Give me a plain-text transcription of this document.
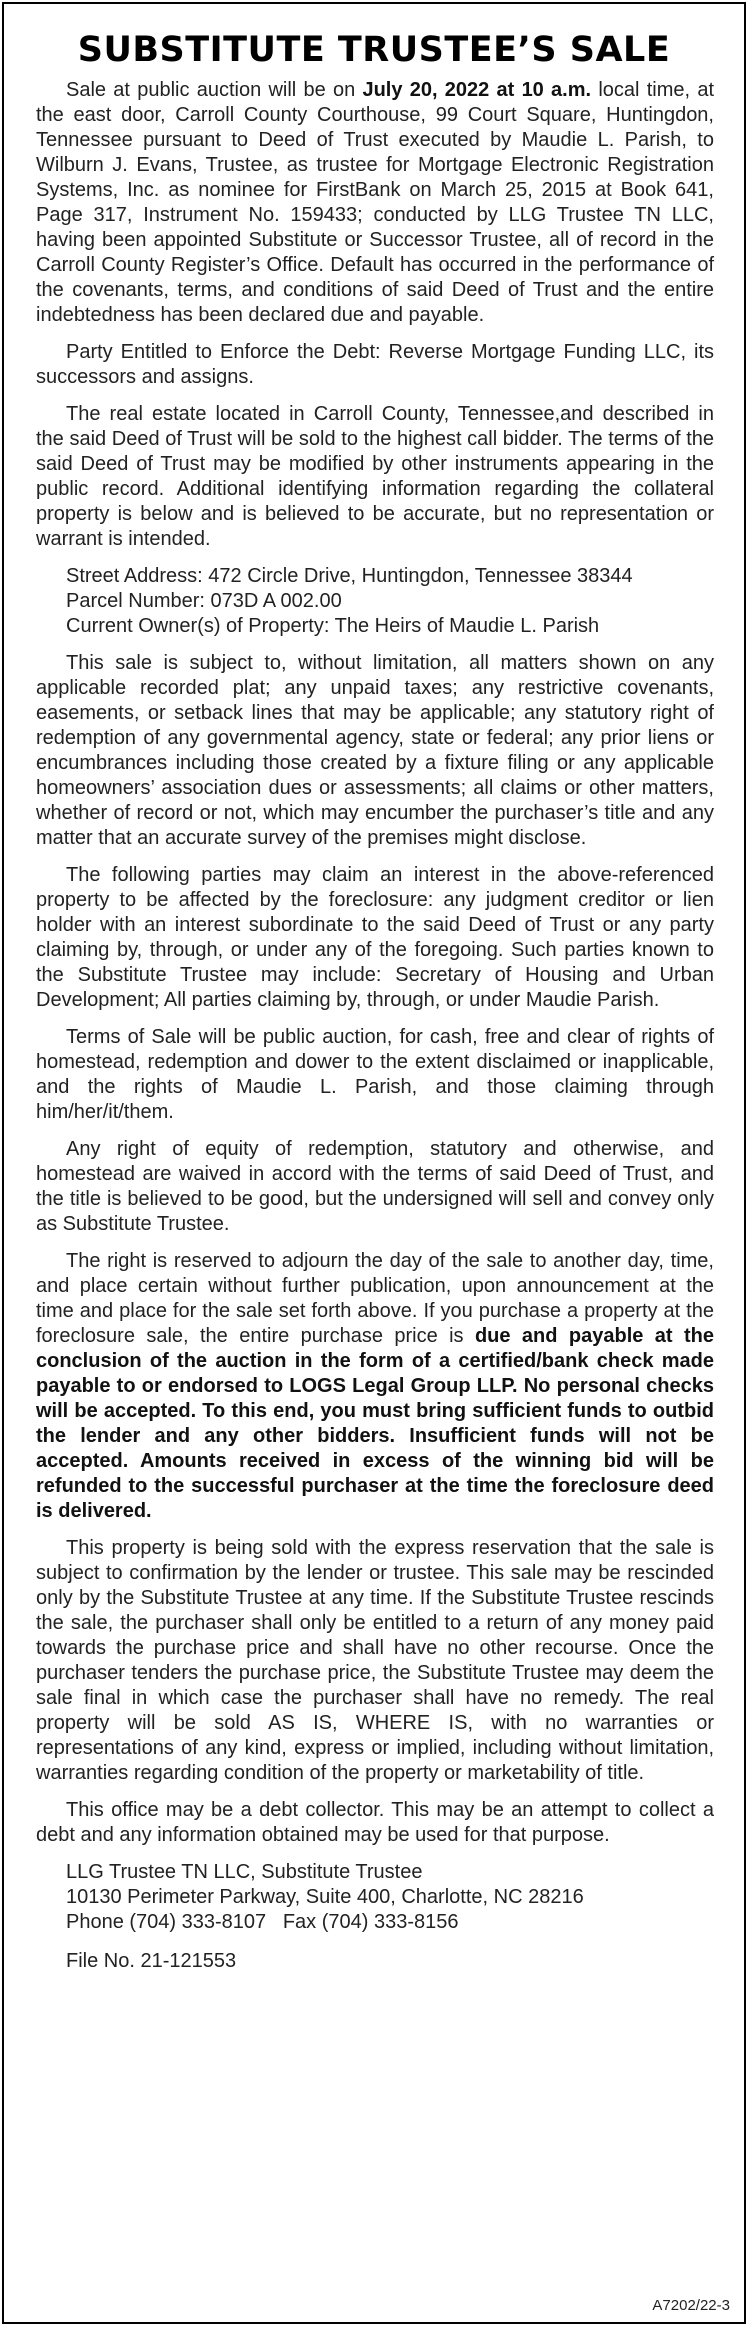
SUBSTITUTE TRUSTEE’S SALE

Sale at public auction will be on July 20, 2022 at 10 a.m. local time, at the east door, Carroll County Courthouse, 99 Court Square, Huntingdon, Tennessee pursuant to Deed of Trust executed by Maudie L. Parish, to Wilburn J. Evans, Trustee, as trustee for Mortgage Electronic Registration Systems, Inc. as nominee for FirstBank on March 25, 2015 at Book 641, Page 317, Instrument No. 159433; conducted by LLG Trustee TN LLC, having been appointed Substitute or Successor Trustee, all of record in the Carroll County Register’s Office. Default has occurred in the performance of the covenants, terms, and conditions of said Deed of Trust and the entire indebtedness has been declared due and payable.

Party Entitled to Enforce the Debt: Reverse Mortgage Funding LLC, its successors and assigns.

The real estate located in Carroll County, Tennessee,and described in the said Deed of Trust will be sold to the highest call bidder. The terms of the said Deed of Trust may be modified by other instruments appearing in the public record. Additional identifying information regarding the collateral property is below and is believed to be accurate, but no representation or warrant is intended.

Street Address: 472 Circle Drive, Huntingdon, Tennessee 38344
Parcel Number: 073D A 002.00
Current Owner(s) of Property: The Heirs of Maudie L. Parish

This sale is subject to, without limitation, all matters shown on any applicable recorded plat; any unpaid taxes; any restrictive covenants, easements, or setback lines that may be applicable; any statutory right of redemption of any governmental agency, state or federal; any prior liens or encumbrances including those created by a fixture filing or any applicable homeowners’ association dues or assessments; all claims or other matters, whether of record or not, which may encumber the purchaser’s title and any matter that an accurate survey of the premises might disclose.

The following parties may claim an interest in the above-referenced property to be affected by the foreclosure: any judgment creditor or lien holder with an interest subordinate to the said Deed of Trust or any party claiming by, through, or under any of the foregoing. Such parties known to the Substitute Trustee may include: Secretary of Housing and Urban Development; All parties claiming by, through, or under Maudie Parish.

Terms of Sale will be public auction, for cash, free and clear of rights of homestead, redemption and dower to the extent disclaimed or inapplicable, and the rights of Maudie L. Parish, and those claiming through him/her/it/them.

Any right of equity of redemption, statutory and otherwise, and homestead are waived in accord with the terms of said Deed of Trust, and the title is believed to be good, but the undersigned will sell and convey only as Substitute Trustee.

The right is reserved to adjourn the day of the sale to another day, time, and place certain without further publication, upon announcement at the time and place for the sale set forth above. If you purchase a property at the foreclosure sale, the entire purchase price is due and payable at the conclusion of the auction in the form of a certified/bank check made payable to or endorsed to LOGS Legal Group LLP. No personal checks will be accepted. To this end, you must bring sufficient funds to outbid the lender and any other bidders. Insufficient funds will not be accepted. Amounts received in excess of the winning bid will be refunded to the successful purchaser at the time the foreclosure deed is delivered.

This property is being sold with the express reservation that the sale is subject to confirmation by the lender or trustee. This sale may be rescinded only by the Substitute Trustee at any time. If the Substitute Trustee rescinds the sale, the purchaser shall only be entitled to a return of any money paid towards the purchase price and shall have no other recourse. Once the purchaser tenders the purchase price, the Substitute Trustee may deem the sale final in which case the purchaser shall have no remedy. The real property will be sold AS IS, WHERE IS, with no warranties or representations of any kind, express or implied, including without limitation, warranties regarding condition of the property or marketability of title.

This office may be a debt collector. This may be an attempt to collect a debt and any information obtained may be used for that purpose.

LLG Trustee TN LLC, Substitute Trustee
10130 Perimeter Parkway, Suite 400, Charlotte, NC 28216
Phone (704) 333-8107   Fax (704) 333-8156
File No. 21-121553
A7202/22-3
